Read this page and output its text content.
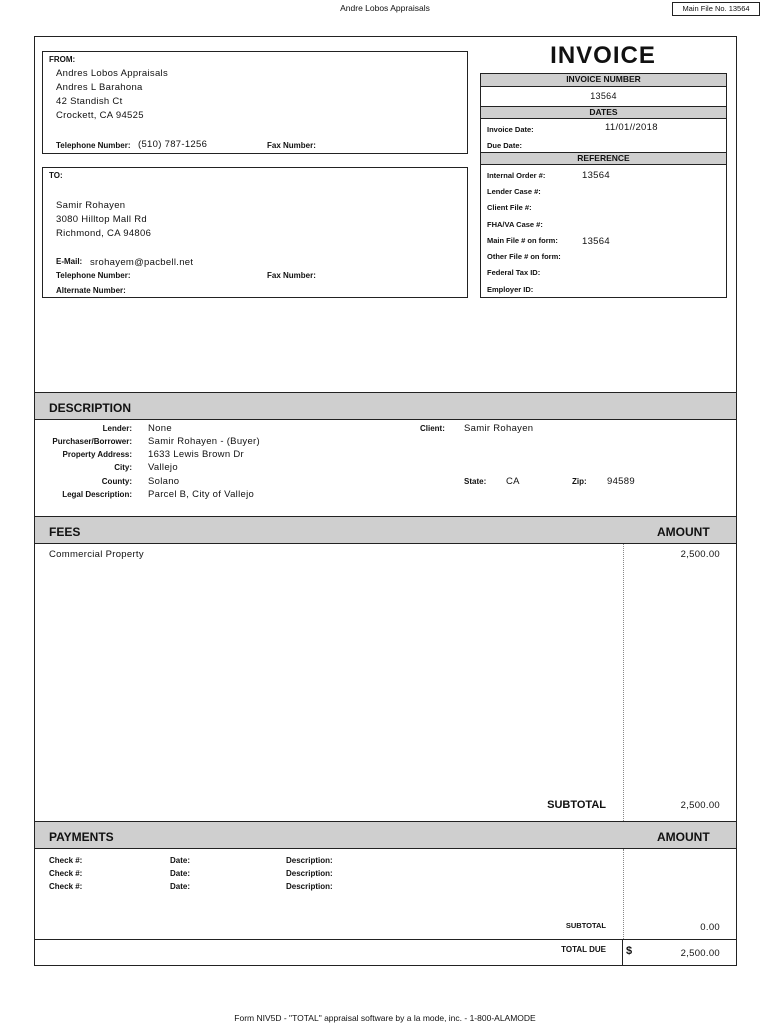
Andre Lobos Appraisals	Main File No. 13564
INVOICE
FROM:
Andres Lobos Appraisals
Andres L Barahona
42 Standish Ct
Crockett, CA 94525
Telephone Number: (510) 787-1256	Fax Number:
TO:
Samir Rohayen
3080 Hilltop Mall Rd
Richmond, CA 94806
E-Mail: srohayem@pacbell.net
Telephone Number:	Fax Number:
Alternate Number:
INVOICE NUMBER
13564
DATES
Invoice Date:	11/01//2018
Due Date:
REFERENCE
Internal Order #:	13564
Lender Case #:
Client File #:
FHA/VA Case #:
Main File # on form:	13564
Other File # on form:
Federal Tax ID:
Employer ID:
DESCRIPTION
Lender: None	Client: Samir Rohayen
Purchaser/Borrower: Samir Rohayen - (Buyer)
Property Address: 1633 Lewis Brown Dr
City: Vallejo
County: Solano	State: CA	Zip: 94589
Legal Description: Parcel B, City of Vallejo
FEES	AMOUNT
Commercial Property	2,500.00
SUBTOTAL	2,500.00
PAYMENTS	AMOUNT
Check #:	Date:	Description:
Check #:	Date:	Description:
Check #:	Date:	Description:
SUBTOTAL	0.00
TOTAL DUE $	2,500.00
Form NIV5D - "TOTAL" appraisal software by a la mode, inc. - 1-800-ALAMODE
